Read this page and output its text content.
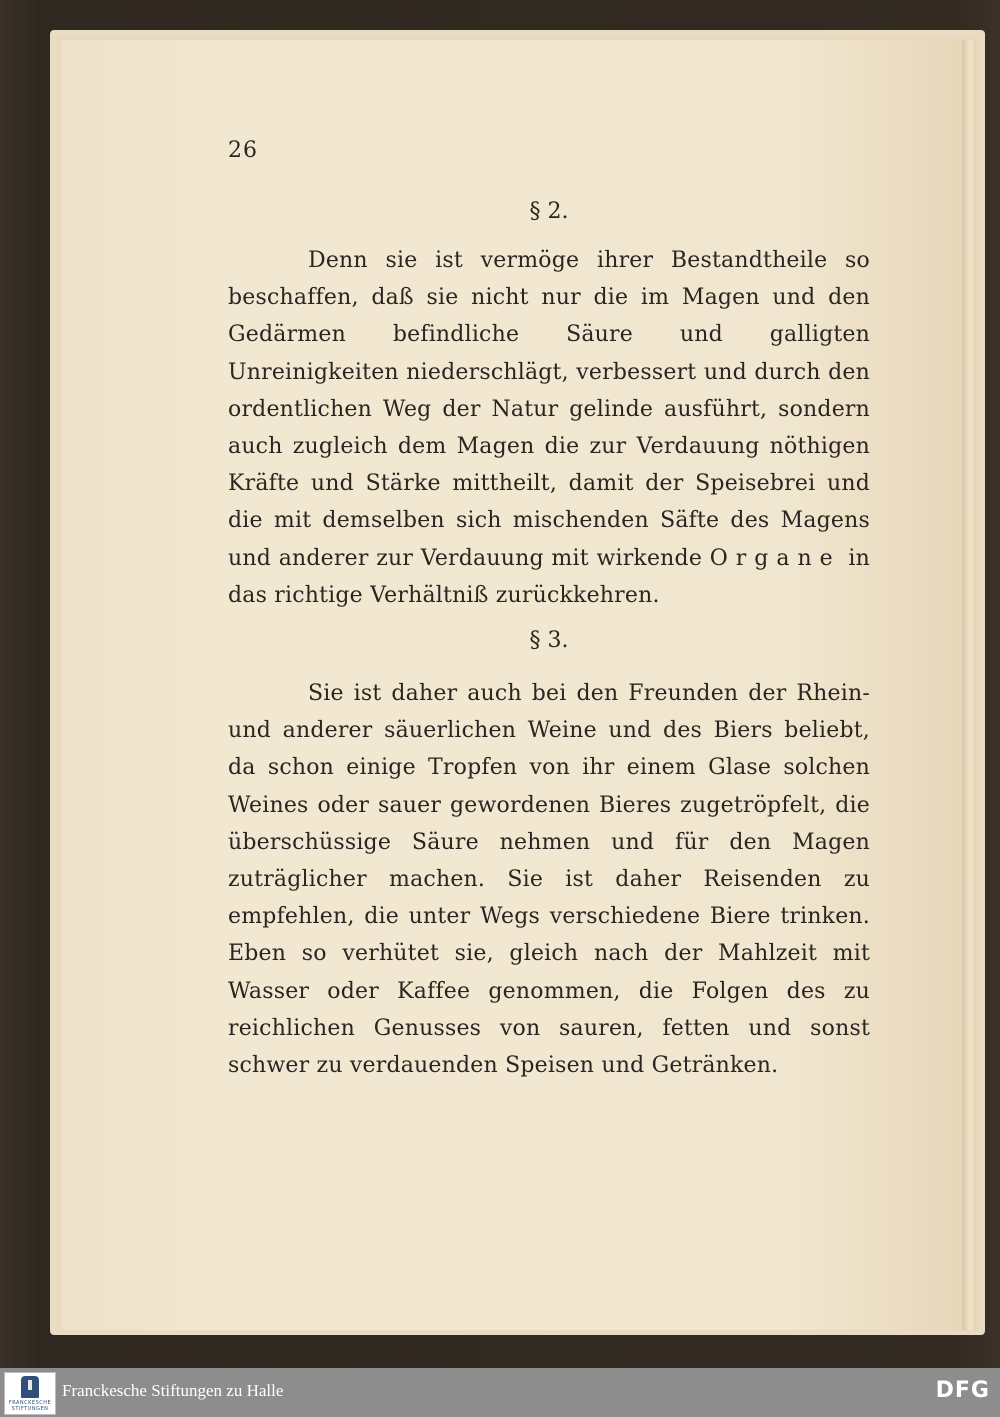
26
§ 2.

Denn sie ist vermöge ihrer Bestandtheile so beschaffen, daß sie nicht nur die im Magen und den Gedärmen befindliche Säure und galligten Unreinigkeiten niederschlägt, verbessert und durch den ordentlichen Weg der Natur gelinde ausführt, sondern auch zugleich dem Magen die zur Verdauung nöthigen Kräfte und Stärke mittheilt, damit der Speisebrei und die mit demselben sich mischenden Säfte des Magens und anderer zur Verdauung mit wirkende Organe in das richtige Verhältniß zurückkehren.

§ 3.

Sie ist daher auch bei den Freunden der Rhein- und anderer säuerlichen Weine und des Biers beliebt, da schon einige Tropfen von ihr einem Glase solchen Weines oder sauer gewordenen Bieres zugetröpfelt, die überschüssige Säure nehmen und für den Magen zuträglicher machen. Sie ist daher Reisenden zu empfehlen, die unter Wegs verschiedene Biere trinken. Eben so verhütet sie, gleich nach der Mahlzeit mit Wasser oder Kaffee genommen, die Folgen des zu reichlichen Genusses von sauren, fetten und sonst schwer zu verdauenden Speisen und Getränken.

FRANCKESCHE STIFTUNGEN
Franckesche Stiftungen zu Halle	DFG
